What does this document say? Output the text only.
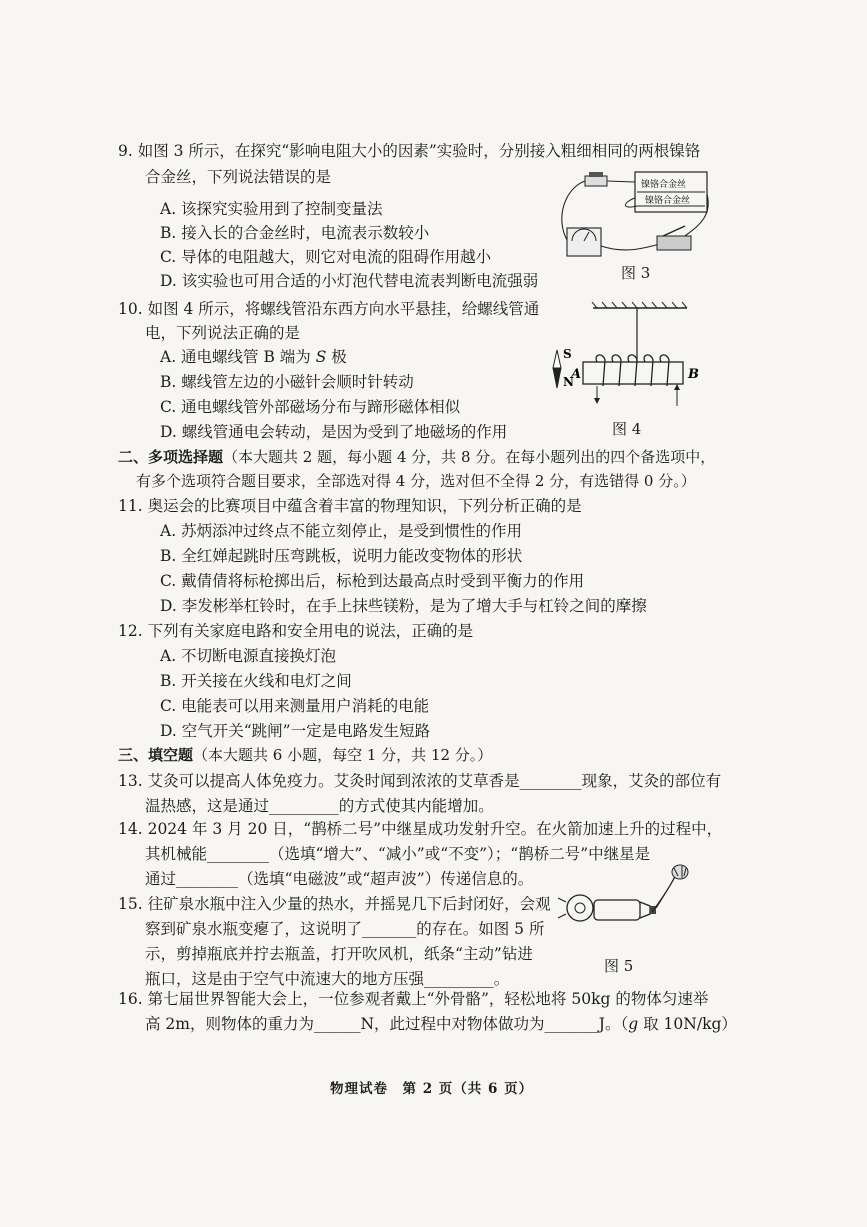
9. 如图 3 所示，在探究“影响电阻大小的因素”实验时，分别接入粗细相同的两根镍铬
合金丝，下列说法错误的是
A. 该探究实验用到了控制变量法
B. 接入长的合金丝时，电流表示数较小
C. 导体的电阻越大，则它对电流的阻碍作用越小
D. 该实验也可用合适的小灯泡代替电流表判断电流强弱
镍铬合金丝
镍铬合金丝
图 3
10. 如图 4 所示，将螺线管沿东西方向水平悬挂，给螺线管通
电，下列说法正确的是
A. 通电螺线管 B 端为 S 极
B. 螺线管左边的小磁针会顺时针转动
C. 通电螺线管外部磁场分布与蹄形磁体相似
D. 螺线管通电会转动，是因为受到了地磁场的作用
S
N
A	B
图 4
二、多项选择题（本大题共 2 题，每小题 4 分，共 8 分。在每小题列出的四个备选项中，
有多个选项符合题目要求，全部选对得 4 分，选对但不全得 2 分，有选错得 0 分。）
11. 奥运会的比赛项目中蕴含着丰富的物理知识，下列分析正确的是
A. 苏炳添冲过终点不能立刻停止，是受到惯性的作用
B. 全红婵起跳时压弯跳板，说明力能改变物体的形状
C. 戴倩倩将标枪掷出后，标枪到达最高点时受到平衡力的作用
D. 李发彬举杠铃时，在手上抹些镁粉，是为了增大手与杠铃之间的摩擦
12. 下列有关家庭电路和安全用电的说法，正确的是
A. 不切断电源直接换灯泡
B. 开关接在火线和电灯之间
C. 电能表可以用来测量用户消耗的电能
D. 空气开关“跳闸”一定是电路发生短路
三、填空题（本大题共 6 小题，每空 1 分，共 12 分。）
13. 艾灸可以提高人体免疫力。艾灸时闻到浓浓的艾草香是________现象，艾灸的部位有
温热感，这是通过_________的方式使其内能增加。
14. 2024 年 3 月 20 日，“鹊桥二号”中继星成功发射升空。在火箭加速上升的过程中，
其机械能________（选填“增大”、“减小”或“不变”）；“鹊桥二号”中继星是
通过________（选填“电磁波”或“超声波”）传递信息的。
15. 往矿泉水瓶中注入少量的热水，并摇晃几下后封闭好，会观
察到矿泉水瓶变瘪了，这说明了_______的存在。如图 5 所
示，剪掉瓶底并拧去瓶盖，打开吹风机，纸条“主动”钻进
瓶口，这是由于空气中流速大的地方压强_________。
图 5
16. 第七届世界智能大会上，一位参观者戴上“外骨骼”，轻松地将 50kg 的物体匀速举
高 2m，则物体的重力为______N，此过程中对物体做功为_______J。（g 取 10N/kg）
物理试卷　第 2 页（共 6 页）
